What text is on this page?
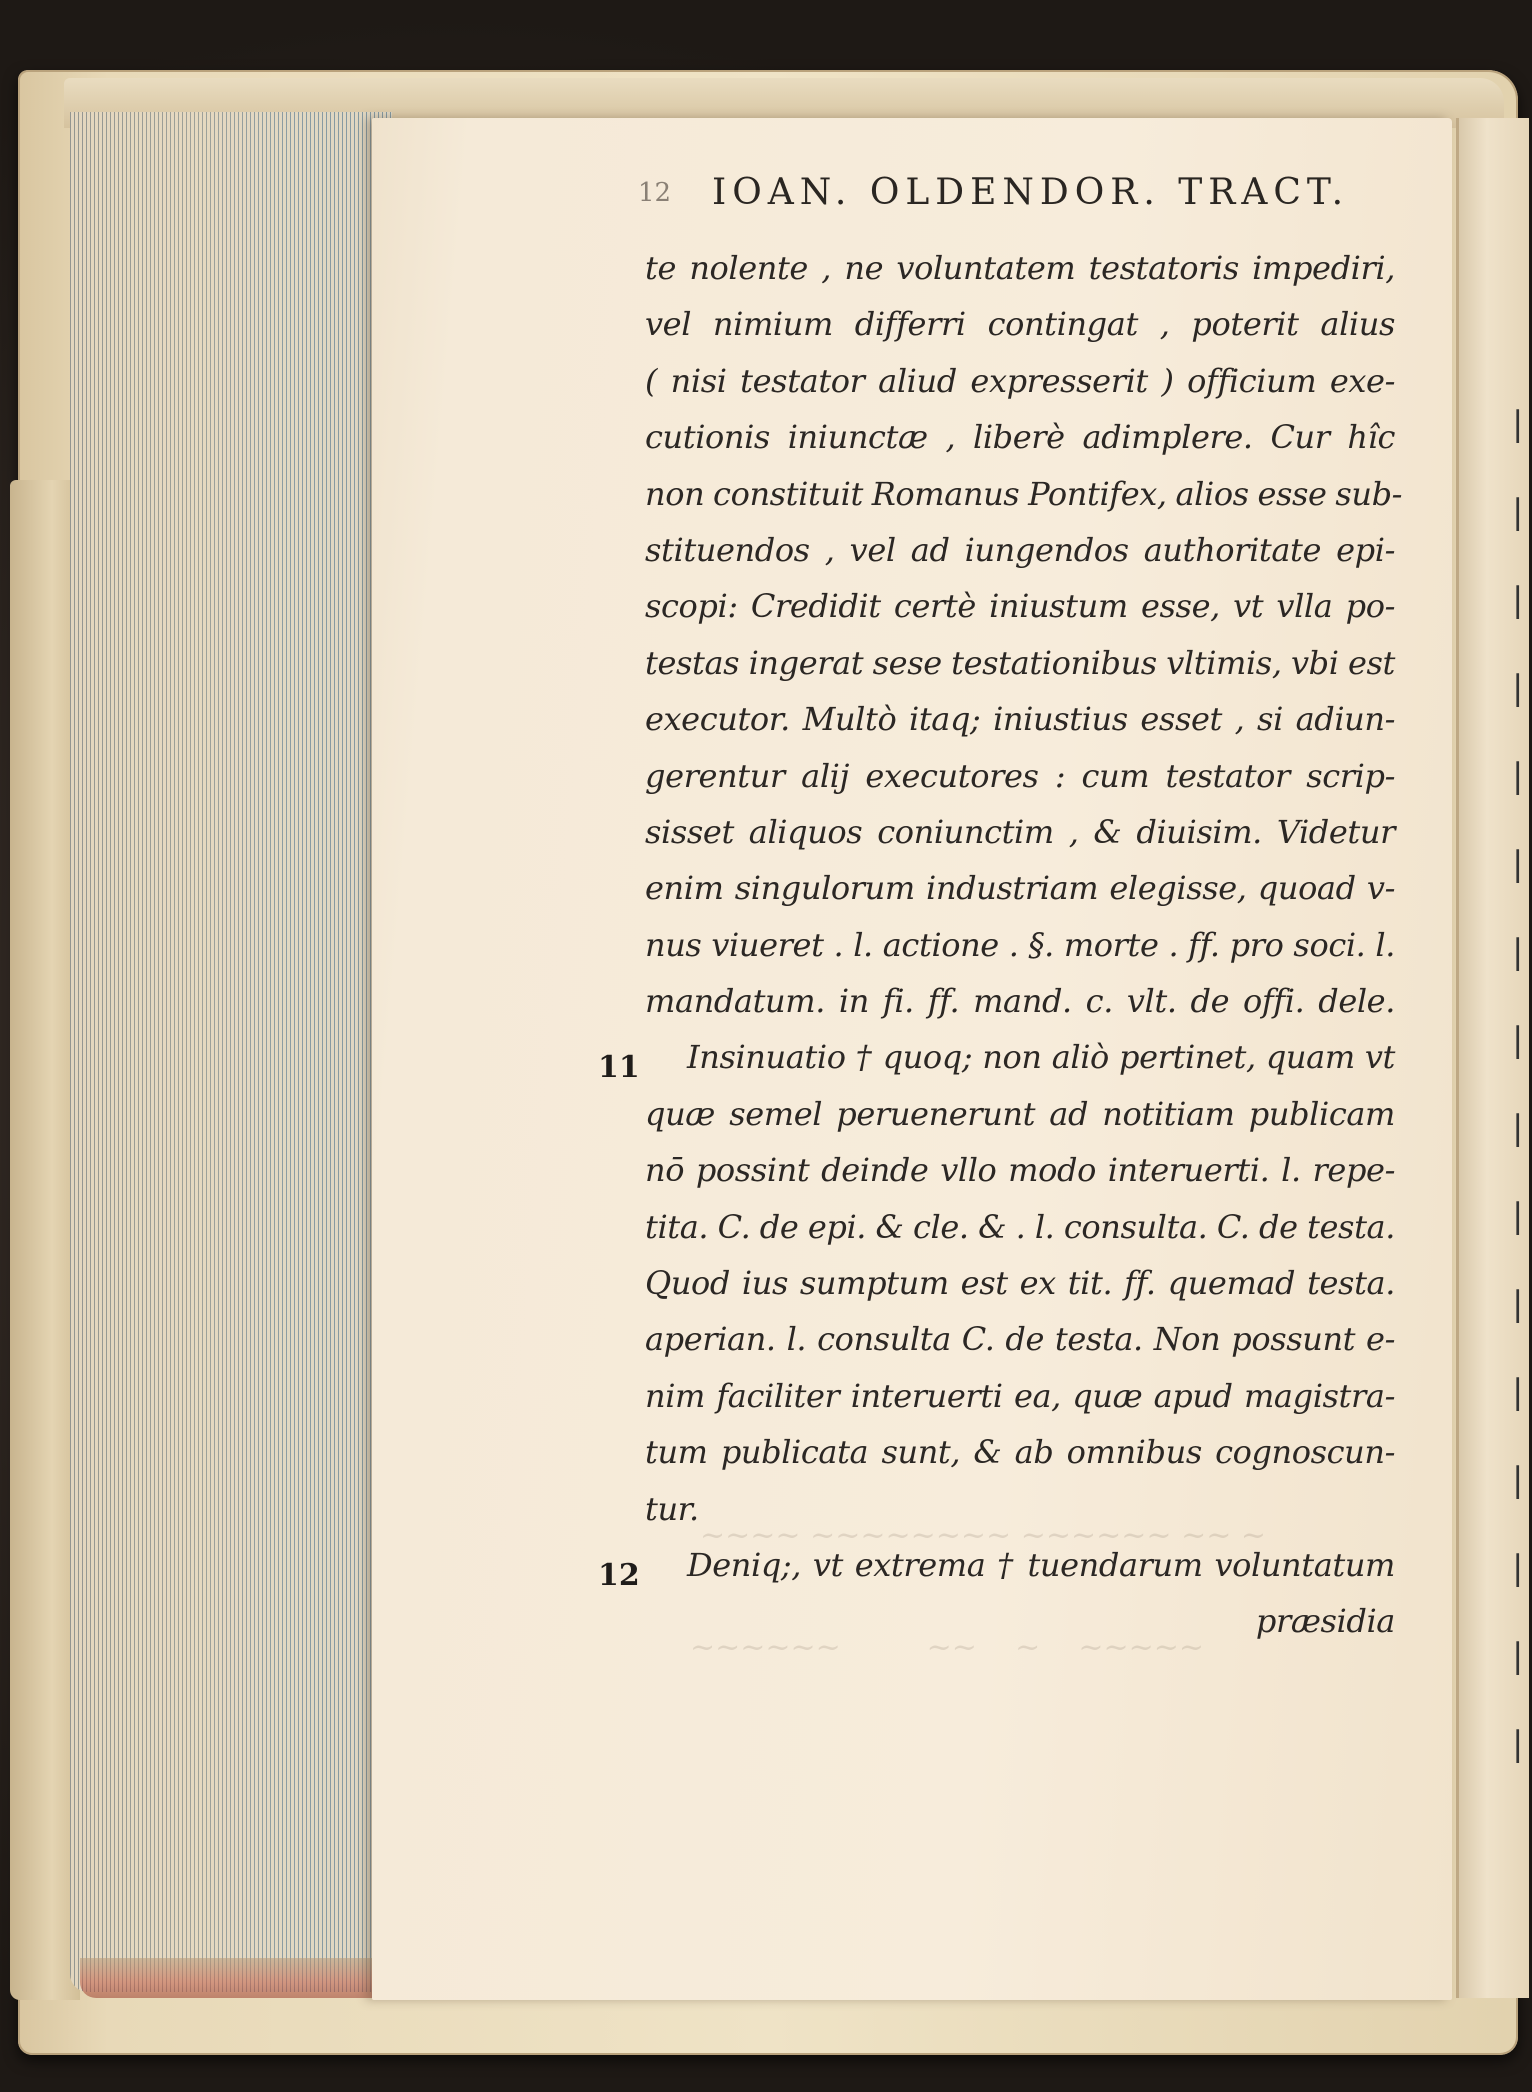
|
|
|
|
|
|
|
|
|
|
|
|
|
|
|
|
~~~~ ~~~~~~~~ ~~~~~~ ~~ ~
~~~~~~         ~~    ~    ~~~~~
12 IOAN. OLDENDOR. TRACT.
te nolente , ne voluntatem testatoris impediri,
vel nimium differri contingat , poterit alius
( nisi testator aliud expresserit ) officium exe-
cutionis iniunctæ , liberè adimplere. Cur hîc
non constituit Romanus Pontifex, alios esse sub-
stituendos , vel ad iungendos authoritate epi-
scopi: Credidit certè iniustum esse, vt vlla po-
testas ingerat sese testationibus vltimis, vbi est
executor. Multò itaq; iniustius esset , si adiun-
gerentur alij executores : cum testator scrip-
sisset aliquos coniunctim , & diuisim. Videtur
enim singulorum industriam elegisse, quoad v-
nus viueret . l. actione . §. morte . ff. pro soci. l.
mandatum. in fi. ff. mand. c. vlt. de offi. dele.
Insinuatio † quoq; non aliò pertinet, quam vt
quæ semel peruenerunt ad notitiam publicam
nō possint deinde vllo modo interuerti. l. repe-
tita. C. de epi. & cle. & . l. consulta. C. de testa.
Quod ius sumptum est ex tit. ff. quemad testa.
aperian. l. consulta C. de testa. Non possunt e-
nim faciliter interuerti ea, quæ apud magistra-
tum publicata sunt, & ab omnibus cognoscun-
tur.
Deniq;, vt extrema † tuendarum voluntatum
præsidia
11
12
